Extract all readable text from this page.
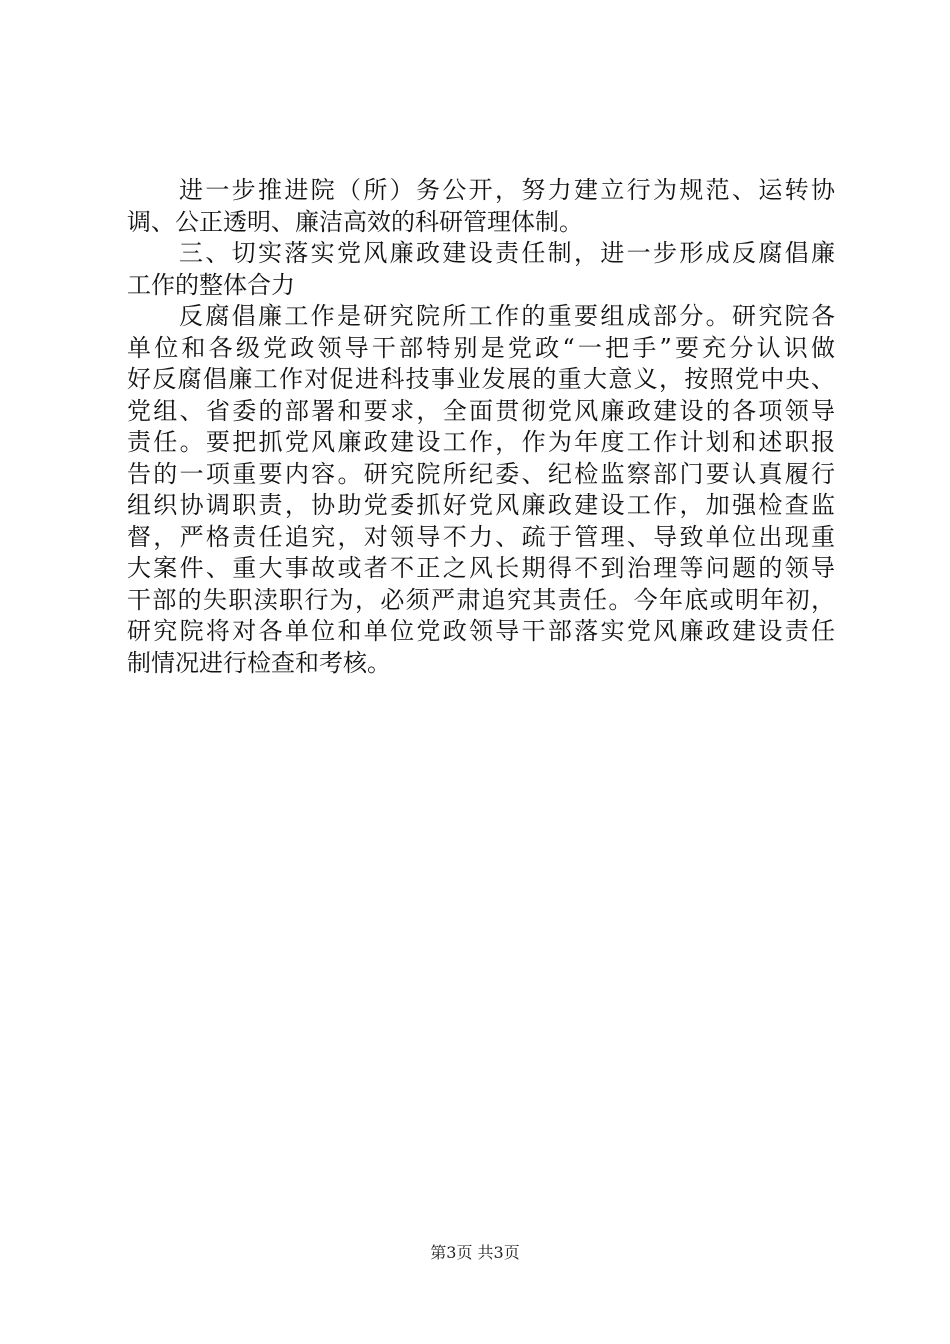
进一步推进院（所）务公开，努力建立行为规范、运转协
调、公正透明、廉洁高效的科研管理体制。
三、切实落实党风廉政建设责任制，进一步形成反腐倡廉
工作的整体合力
反腐倡廉工作是研究院所工作的重要组成部分。研究院各
单位和各级党政领导干部特别是党政“一把手”要充分认识做
好反腐倡廉工作对促进科技事业发展的重大意义，按照党中央、
党组、省委的部署和要求，全面贯彻党风廉政建设的各项领导
责任。要把抓党风廉政建设工作，作为年度工作计划和述职报
告的一项重要内容。研究院所纪委、纪检监察部门要认真履行
组织协调职责，协助党委抓好党风廉政建设工作，加强检查监
督，严格责任追究，对领导不力、疏于管理、导致单位出现重
大案件、重大事故或者不正之风长期得不到治理等问题的领导
干部的失职渎职行为，必须严肃追究其责任。今年底或明年初，
研究院将对各单位和单位党政领导干部落实党风廉政建设责任
制情况进行检查和考核。
第3页 共3页
